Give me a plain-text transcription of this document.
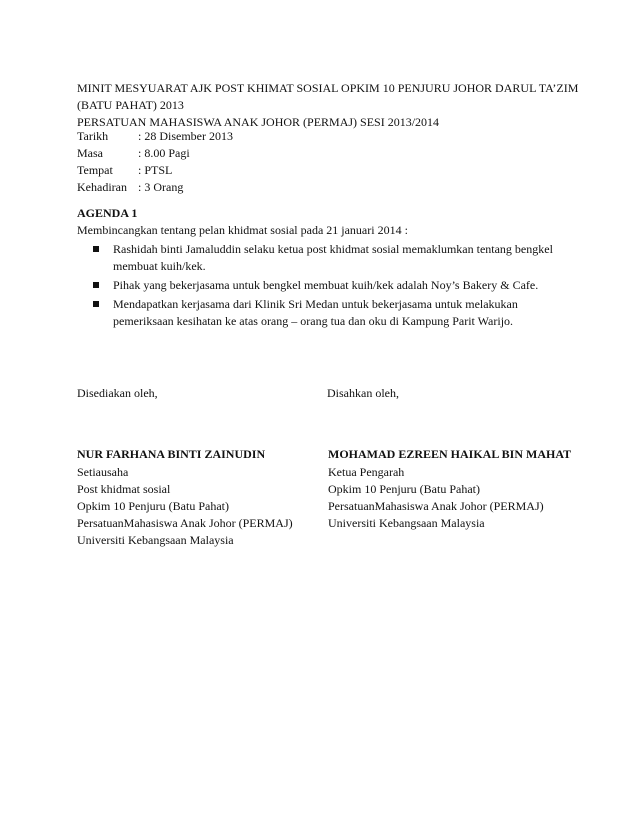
MINIT MESYUARAT AJK POST KHIMAT SOSIAL OPKIM 10 PENJURU JOHOR DARUL TA’ZIM
(BATU PAHAT) 2013
PERSATUAN MAHASISWA ANAK JOHOR (PERMAJ) SESI 2013/2014
Tarikh	: 28 Disember 2013
Masa	: 8.00 Pagi
Tempat	: PTSL
Kehadiran : 3 Orang
AGENDA 1
Membincangkan tentang pelan khidmat sosial pada 21 januari 2014 :
Rashidah binti Jamaluddin selaku ketua post khidmat sosial memaklumkan tentang bengkel membuat kuih/kek.
Pihak yang bekerjasama untuk bengkel membuat kuih/kek adalah Noy’s Bakery & Cafe.
Mendapatkan kerjasama dari Klinik Sri Medan untuk bekerjasama untuk melakukan pemeriksaan kesihatan ke atas orang – orang tua dan oku di Kampung Parit Warijo.
Disediakan oleh,	Disahkan oleh,
NUR FARHANA BINTI ZAINUDIN
Setiausaha
Post khidmat sosial
Opkim 10 Penjuru (Batu Pahat)
PersatuanMahasiswa Anak Johor (PERMAJ)
Universiti Kebangsaan Malaysia
MOHAMAD EZREEN HAIKAL BIN MAHAT
Ketua Pengarah
Opkim 10 Penjuru (Batu Pahat)
PersatuanMahasiswa Anak Johor (PERMAJ)
Universiti Kebangsaan Malaysia
